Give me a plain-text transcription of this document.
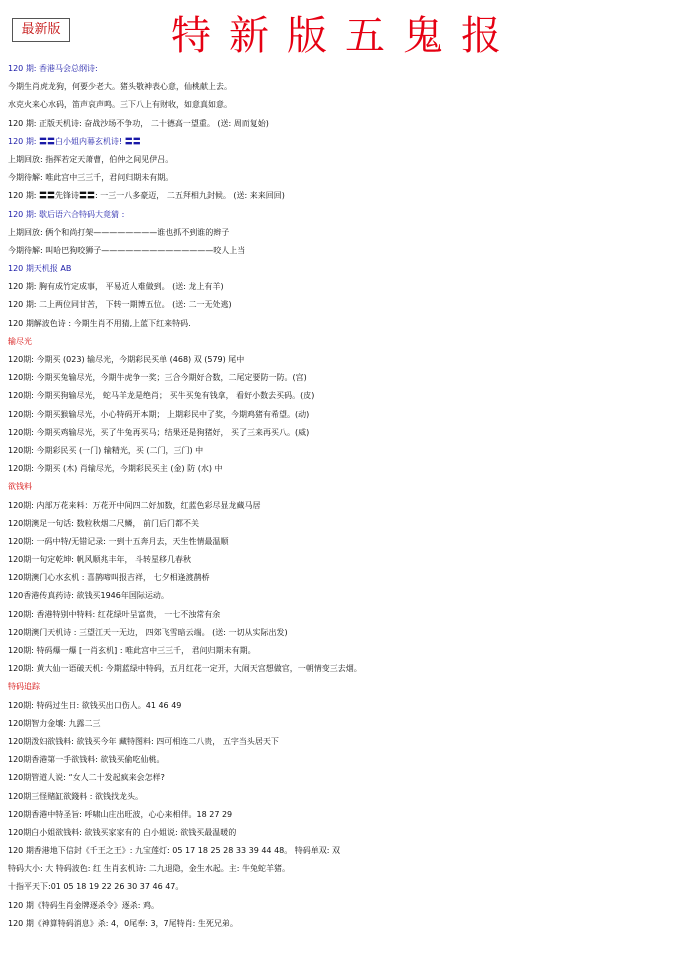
最新版	特新版五鬼报
120 期: 香港马会总纲诗:
今期生肖虎龙狗，何要少老大。猪头敬神表心意，仙桃献上去。
水克火来心水码，笛声哀声鸣。三下八上有财收，如意真如意。
120 期: 正版天机诗: 奋战沙场不争功， 二十德高一望重。 (送: 周而复始)
120 期: 〓〓白小姐内幕玄机诗! 〓〓
上期回放: 指挥若定天萧曹，伯仲之间见伊吕。
今期待解: 唯此宫中三三千，君问归期未有期。
120 期: 〓〓先锋诗〓〓: 一三一八多豪迈， 二五拜相九封候。 (送: 来来回回)
120 期: 歇后语六合特码大竟猜 :
上期回放: 俩个和尚打架————————谁也抓不到谁的辫子
今期待解: 叫哈巴狗咬狮子——————————————咬人上当
120 期天机报 AB
120 期: 胸有成竹定成事， 平易近人难做到。 (送: 龙上有羊)
120 期: 二上两位同甘苦， 下转一期博五位。 (送: 二一无处逃)
120 期解波色诗 : 今期生肖不用猜,上蓝下红来特码.
输尽光
120期: 今期买 (023) 输尽光，今期彩民买单 (468) 双 (579) 尾中
120期: 今期买兔输尽光，今期牛虎争一奖；三合今期好合数，二尾定要防一防。(宫)
120期: 今期买狗输尽光， 蛇马羊龙是绝肖； 买牛买兔有钱拿， 看好小数去买码。(皮)
120期: 今期买猴输尽光，小心特码开本期； 上期彩民中了奖，今期鸡猪有希望。(动)
120期: 今期买鸡输尽光，买了牛兔再买马；结果还是狗猪好， 买了三来再买八。(威)
120期: 今期彩民买 (一门) 输精光，买 (二门，三门) 中
120期: 今期买 (木) 肖输尽光，今期彩民买主 (金) 防 (水) 中
欲钱料
120期: 内部万花来料：万花开中间四二好加数，红蓝色彩尽显龙藏马居
120期澳足一句话: 数粒秋烟二尺鳞， 前门后门都不关
120期: 一码中特/无错记录: 一到十五奔月去，天生性情最温顺
120期一句定乾坤: 帆风顺兆丰年， 斗转星移几春秋
120期澳门心水玄机 : 喜鹊啼叫报吉祥， 七夕相逢渡鹊桥
120香港传真药诗: 欲钱买1946年国际运动。
120期: 香港特别中特料: 红花绿叶呈富贵， 一七不浊常有余
120期澳门天机诗 : 三望江天一无边， 四郊飞雪暗云端。 (送: 一切从实际出发)
120期: 特码爆一爆 [一肖玄机] : 唯此宫中三三千， 君问归期未有期。
120期: 黄大仙一语破天机: 今期蓝绿中特码，五月红花一定开，大闹天宫想做官，一朝情变三去烟。
特码追踪
120期: 特码过生日: 欲钱买出口伤人。41 46 49
120期智力金壤: 九露二三
120期泼妇欲钱料: 欲钱买今年 藏特图料: 四可相连二八贵， 五字当头居天下
120期香港第一手欲钱料: 欲钱买偷吃仙桃。
120期管道人说: “女人二十发起疯来会怎样?
120期三怪赌缸欲錢料 : 欲钱找龙头。
120期香港中特圣旨: 呼啸山庄出旺波，心心来相伴。18 27 29
120期白小姐欲钱料: 欲钱买家家有的 白小姐说: 欲钱买最温暖的
120 期香港地下信封《千王之王》: 九宝莲灯: 05 17 18 25 28 33 39 44 48。 特码单双: 双
特码大小: 大 特码波色: 红 生肖玄机诗: 二九退隐，金生水起。主: 牛兔蛇羊猪。
十指平天下:01 05 18 19 22 26 30 37 46 47。
120 期《特码生肖金牌逐杀令》逐杀: 鸡。
120 期《神算特码消息》杀: 4，0尾奉: 3，7尾特肖: 生死兄弟。
